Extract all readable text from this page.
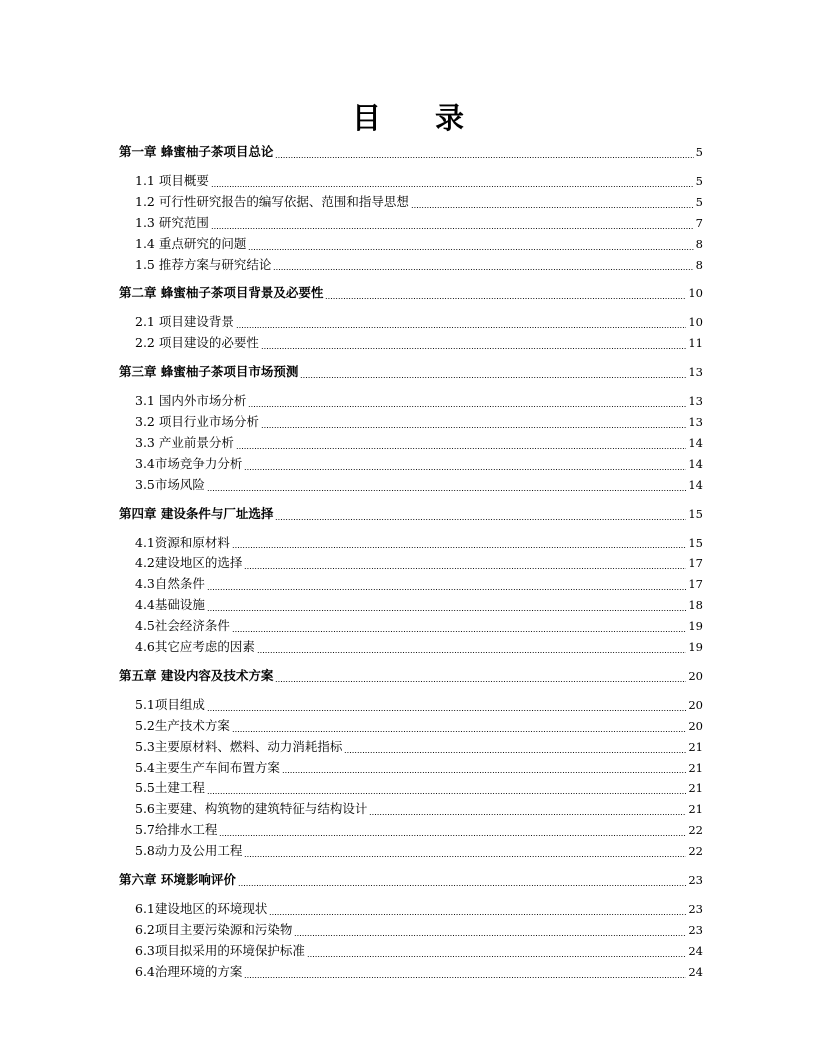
目 录
第一章 蜂蜜柚子茶项目总论	5
1.1 项目概要	5
1.2 可行性研究报告的编写依据、范围和指导思想	5
1.3 研究范围	7
1.4 重点研究的问题	8
1.5 推荐方案与研究结论	8
第二章 蜂蜜柚子茶项目背景及必要性	10
2.1 项目建设背景	10
2.2 项目建设的必要性	11
第三章 蜂蜜柚子茶项目市场预测	13
3.1 国内外市场分析	13
3.2 项目行业市场分析	13
3.3 产业前景分析	14
3.4市场竞争力分析	14
3.5市场风险	14
第四章 建设条件与厂址选择	15
4.1资源和原材料	15
4.2建设地区的选择	17
4.3自然条件	17
4.4基础设施	18
4.5社会经济条件	19
4.6其它应考虑的因素	19
第五章 建设内容及技术方案	20
5.1项目组成	20
5.2生产技术方案	20
5.3主要原材料、燃料、动力消耗指标	21
5.4主要生产车间布置方案	21
5.5土建工程	21
5.6主要建、构筑物的建筑特征与结构设计	21
5.7给排水工程	22
5.8动力及公用工程	22
第六章 环境影响评价	23
6.1建设地区的环境现状	23
6.2项目主要污染源和污染物	23
6.3项目拟采用的环境保护标准	24
6.4治理环境的方案	24
